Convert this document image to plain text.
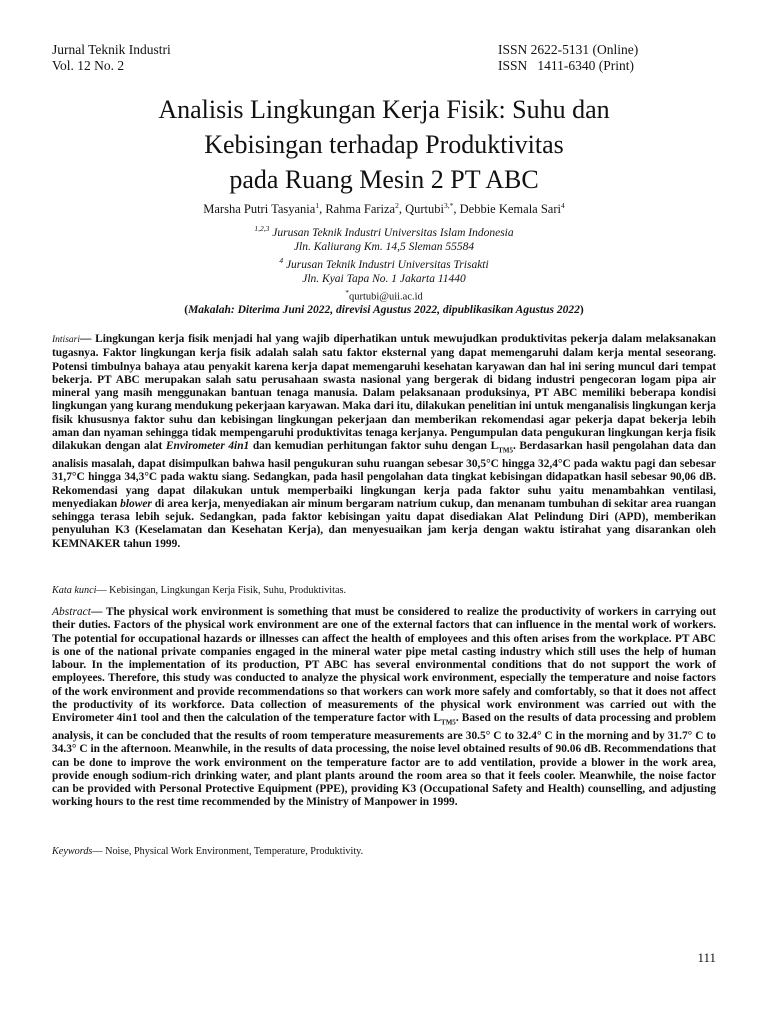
Jurnal Teknik Industri
Vol. 12 No. 2
ISSN 2622-5131 (Online)
ISSN   1411-6340 (Print)
Analisis Lingkungan Kerja Fisik: Suhu dan
Kebisingan terhadap Produktivitas
pada Ruang Mesin 2 PT ABC
Marsha Putri Tasyania$^1$, Rahma Fariza$^2$, Qurtubi$^{3,*}$, Debbie Kemala Sari$^4$
$^{1,2,3}$ Jurusan Teknik Industri Universitas Islam Indonesia
Jln. Kaliurang Km. 14,5 Sleman 55584
$^4$ Jurusan Teknik Industri Universitas Trisakti
Jln. Kyai Tapa No. 1 Jakarta 11440
*qurtubi@uii.ac.id
(Makalah: Diterima Juni 2022, direvisi Agustus 2022, dipublikasikan Agustus 2022)
Intisari— Lingkungan kerja fisik menjadi hal yang wajib diperhatikan untuk mewujudkan produktivitas pekerja dalam melaksanakan tugasnya. Faktor lingkungan kerja fisik adalah salah satu faktor eksternal yang dapat memengaruhi dalam kerja mental seseorang. Potensi timbulnya bahaya atau penyakit karena kerja dapat memengaruhi kesehatan karyawan dan hal ini sering muncul dari tempat bekerja. PT ABC merupakan salah satu perusahaan swasta nasional yang bergerak di bidang industri pengecoran logam pipa air mineral yang masih menggunakan bantuan tenaga manusia. Dalam pelaksanaan produksinya, PT ABC memiliki beberapa kondisi lingkungan yang kurang mendukung pekerjaan karyawan. Maka dari itu, dilakukan penelitian ini untuk menganalisis lingkungan kerja fisik khususnya faktor suhu dan kebisingan lingkungan pekerjaan dan memberikan rekomendasi agar pekerja dapat bekerja lebih aman dan nyaman sehingga tidak mempengaruhi produktivitas tenaga kerjanya. Pengumpulan data pengukuran lingkungan kerja fisik dilakukan dengan alat Envirometer 4in1 dan kemudian perhitungan faktor suhu dengan $L_{TM5}$. Berdasarkan hasil pengolahan data dan analisis masalah, dapat disimpulkan bahwa hasil pengukuran suhu ruangan sebesar 30,5°C hingga 32,4°C pada waktu pagi dan sebesar 31,7°C hingga 34,3°C pada waktu siang. Sedangkan, pada hasil pengolahan data tingkat kebisingan didapatkan hasil sebesar 90,06 dB. Rekomendasi yang dapat dilakukan untuk memperbaiki lingkungan kerja pada faktor suhu yaitu menambahkan ventilasi, menyediakan blower di area kerja, menyediakan air minum bergaram natrium cukup, dan menanam tumbuhan di sekitar area ruangan sehingga terasa lebih sejuk. Sedangkan, pada faktor kebisingan yaitu dapat disediakan Alat Pelindung Diri (APD), memberikan penyuluhan K3 (Keselamatan dan Kesehatan Kerja), dan menyesuaikan jam kerja dengan waktu istirahat yang disarankan oleh KEMNAKER tahun 1999.
Kata kunci— Kebisingan, Lingkungan Kerja Fisik, Suhu, Produktivitas.
Abstract— The physical work environment is something that must be considered to realize the productivity of workers in carrying out their duties. Factors of the physical work environment are one of the external factors that can influence in the mental work of workers. The potential for occupational hazards or illnesses can affect the health of employees and this often arises from the workplace. PT ABC is one of the national private companies engaged in the mineral water pipe metal casting industry which still uses the help of human labour. In the implementation of its production, PT ABC has several environmental conditions that do not support the work of employees. Therefore, this study was conducted to analyze the physical work environment, especially the temperature and noise factors of the work environment and provide recommendations so that workers can work more safely and comfortably, so that it does not affect the productivity of its workforce. Data collection of measurements of the physical work environment was carried out with the Envirometer 4in1 tool and then the calculation of the temperature factor with $L_{TM5}$. Based on the results of data processing and problem analysis, it can be concluded that the results of room temperature measurements are 30.5° C to 32.4° C in the morning and by 31.7° C to 34.3° C in the afternoon. Meanwhile, in the results of data processing, the noise level obtained results of 90.06 dB. Recommendations that can be done to improve the work environment on the temperature factor are to add ventilation, provide a blower in the work area, provide enough sodium-rich drinking water, and plant plants around the room area so that it feels cooler. Meanwhile, the noise factor can be provided with Personal Protective Equipment (PPE), providing K3 (Occupational Safety and Health) counselling, and adjusting working hours to the rest time recommended by the Ministry of Manpower in 1999.
Keywords— Noise, Physical Work Environment, Temperature, Produktivity.
111
